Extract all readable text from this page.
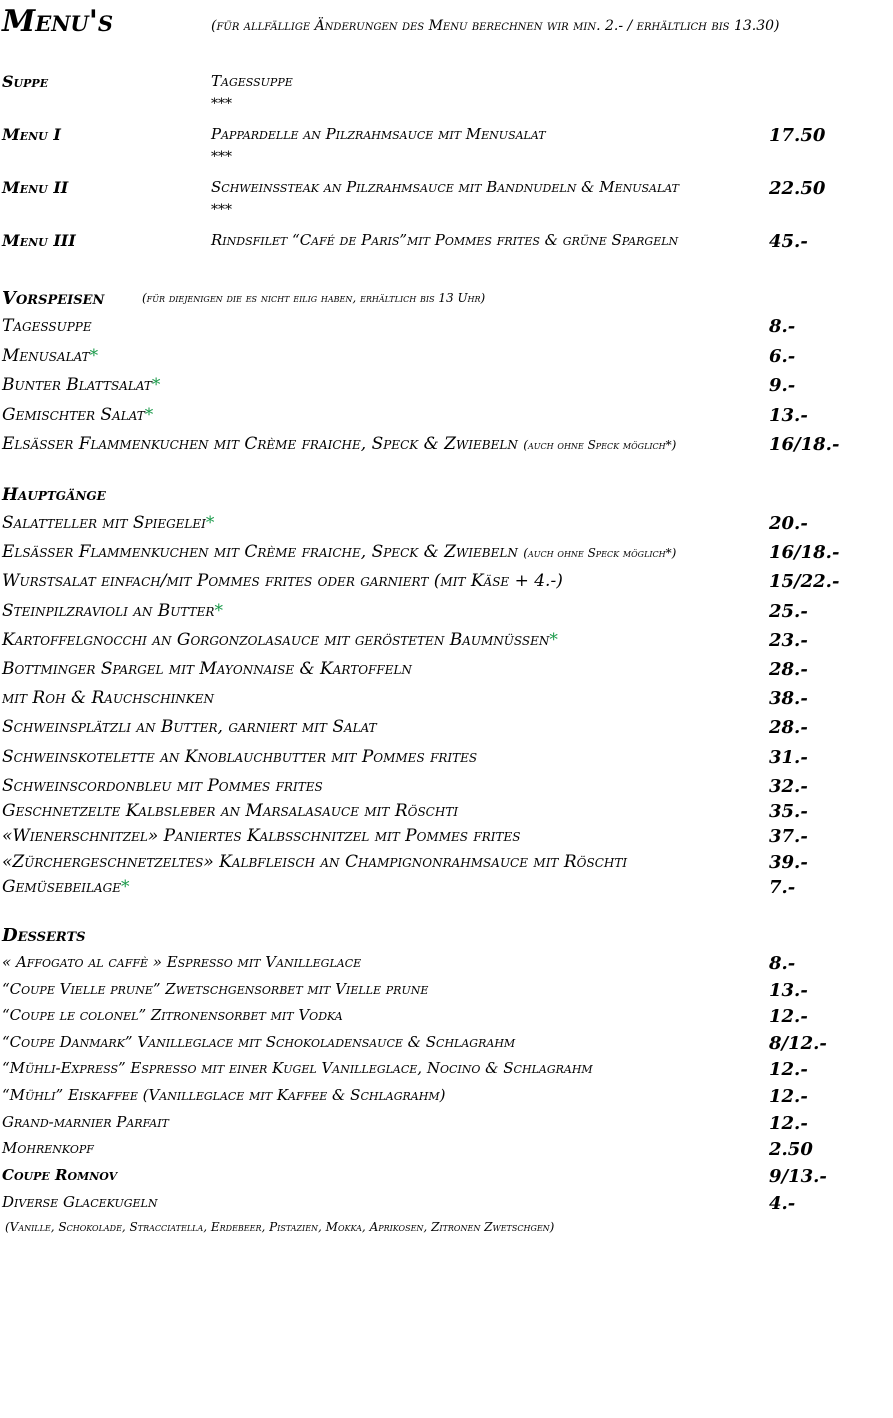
Menu's	(für allfällige Änderungen des Menu berechnen wir min. 2.- / erhältlich bis 13.30)
Suppe	Tagessuppe
***
Menu I	Pappardelle an Pilzrahmsauce mit Menusalat	17.50
***
Menu II	Schweinssteak an Pilzrahmsauce mit Bandnudeln & Menusalat	22.50
***
Menu III	Rindsfilet “Café de Paris”mit Pommes frites & grüne Spargeln	45.-
Vorspeisen	(für diejenigen die es nicht eilig haben, erhältlich bis 13 Uhr)
Tagessuppe	8.-
Menusalat*	6.-
Bunter Blattsalat*	9.-
Gemischter Salat*	13.-
Elsässer Flammenkuchen mit Crème fraiche, Speck & Zwiebeln (auch ohne Speck möglich*)	16/18.-
Hauptgänge
Salatteller mit Spiegelei*	20.-
Elsässer Flammenkuchen mit Crème fraiche, Speck & Zwiebeln (auch ohne Speck möglich*)	16/18.-
Wurstsalat einfach/mit Pommes frites oder garniert (mit Käse + 4.-)	15/22.-
Steinpilzravioli an Butter*	25.-
Kartoffelgnocchi an Gorgonzolasauce mit gerösteten Baumnüssen*	23.-
Bottminger Spargel mit Mayonnaise & Kartoffeln	28.-
mit Roh & Rauchschinken	38.-
Schweinsplätzli an Butter, garniert mit Salat	28.-
Schweinskotelette an Knoblauchbutter mit Pommes frites	31.-
Schweinscordonbleu mit Pommes frites	32.-
Geschnetzelte Kalbsleber an Marsalasauce mit Röschti	35.-
«Wienerschnitzel» Paniertes Kalbsschnitzel mit Pommes frites	37.-
«Zürchergeschnetzeltes» Kalbfleisch an Champignonrahmsauce mit Röschti	39.-
Gemüsebeilage*	7.-
Desserts
« Affogato al caffè » Espresso mit Vanilleglace	8.-
“Coupe Vielle prune” Zwetschgensorbet mit Vielle prune	13.-
“Coupe le colonel” Zitronensorbet mit Vodka	12.-
“Coupe Danmark” Vanilleglace mit Schokoladensauce & Schlagrahm	8/12.-
“Mühli-Express” Espresso mit einer Kugel Vanilleglace, Nocino & Schlagrahm	12.-
“Mühli” Eiskaffee (Vanilleglace mit Kaffee & Schlagrahm)	12.-
Grand-marnier Parfait	12.-
Mohrenkopf	2.50
Coupe Romnov	9/13.-
Diverse Glacekugeln	4.-
(Vanille, Schokolade, Stracciatella, Erdebeer, Pistazien, Mokka, Aprikosen, Zitronen Zwetschgen)
